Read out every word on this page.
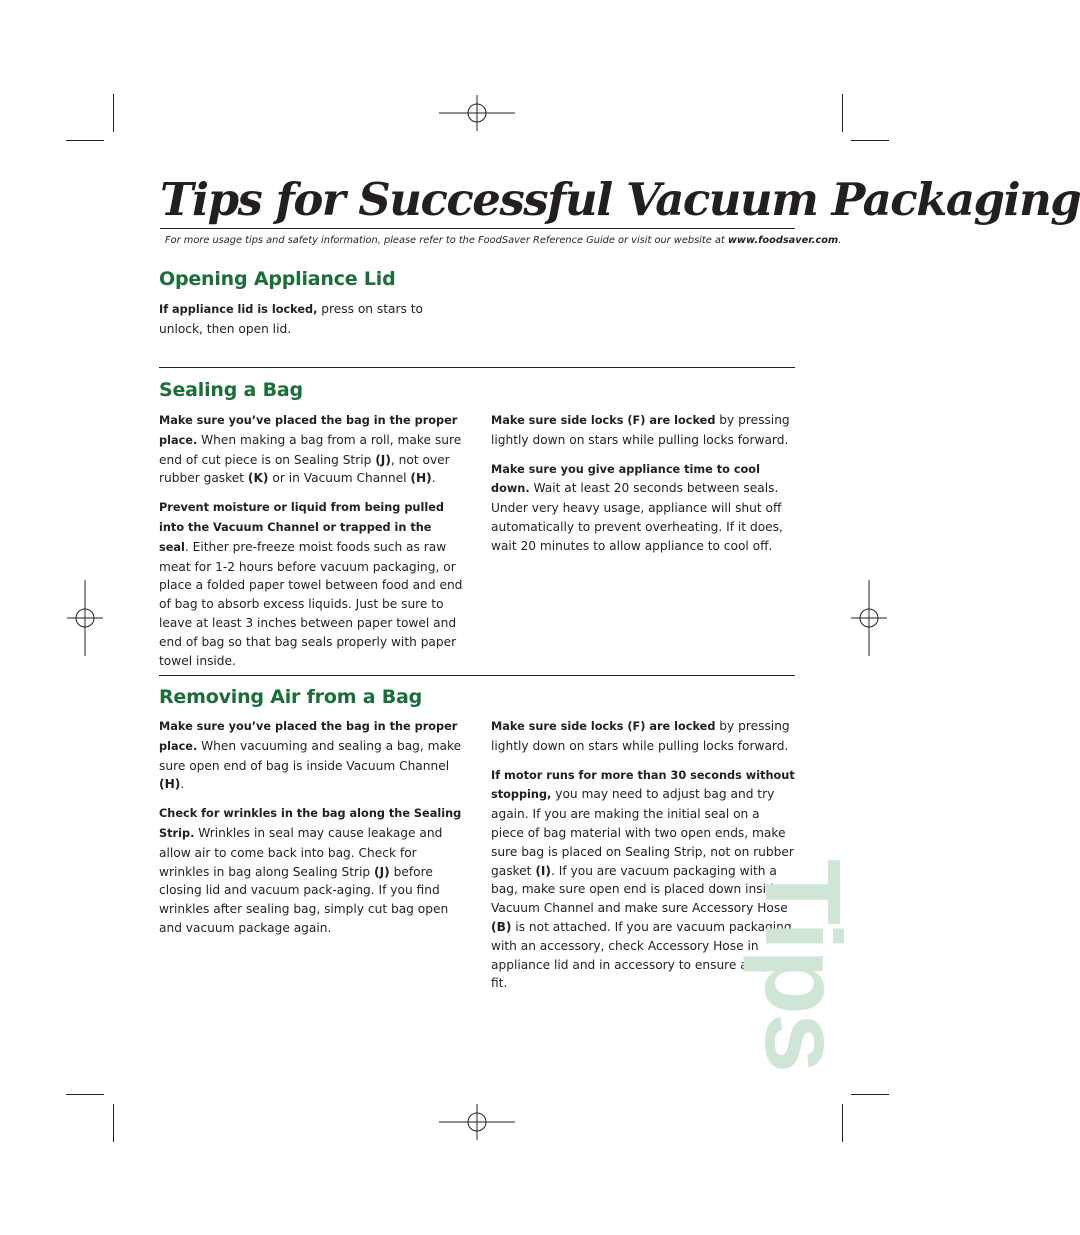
Tips for Successful Vacuum Packaging
For more usage tips and safety information, please refer to the FoodSaver Reference Guide or visit our website at www.foodsaver.com.
Opening Appliance Lid

If appliance lid is locked, press on stars to unlock, then open lid.

Sealing a Bag

Make sure you’ve placed the bag in the proper place. When making a bag from a roll, make sure end of cut piece is on Sealing Strip (J), not over rubber gasket (K) or in Vacuum Channel (H).

Prevent moisture or liquid from being pulled into the Vacuum Channel or trapped in the seal. Either pre-freeze moist foods such as raw meat for 1-2 hours before vacuum packaging, or place a folded paper towel between food and end of bag to absorb excess liquids. Just be sure to leave at least 3 inches between paper towel and end of bag so that bag seals properly with paper towel inside.

Make sure side locks (F) are locked by pressing lightly down on stars while pulling locks forward.

Make sure you give appliance time to cool down. Wait at least 20 seconds between seals. Under very heavy usage, appliance will shut off automatically to prevent overheating. If it does, wait 20 minutes to allow appliance to cool off.

Removing Air from a Bag

Make sure you’ve placed the bag in the proper place. When vacuuming and sealing a bag, make sure open end of bag is inside Vacuum Channel (H).

Check for wrinkles in the bag along the Sealing Strip. Wrinkles in seal may cause leakage and allow air to come back into bag. Check for wrinkles in bag along Sealing Strip (J) before closing lid and vacuum pack-aging. If you find wrinkles after sealing bag, simply cut bag open and vacuum package again.

Make sure side locks (F) are locked by pressing lightly down on stars while pulling locks forward.

If motor runs for more than 30 seconds without stopping, you may need to adjust bag and try again. If you are making the initial seal on a piece of bag material with two open ends, make sure bag is placed on Sealing Strip, not on rubber gasket (I). If you are vacuum packaging with a bag, make sure open end is placed down inside Vacuum Channel and make sure Accessory Hose (B) is not attached. If you are vacuum packaging with an accessory, check Accessory Hose in appliance lid and in accessory to ensure a tight fit.	Tips
